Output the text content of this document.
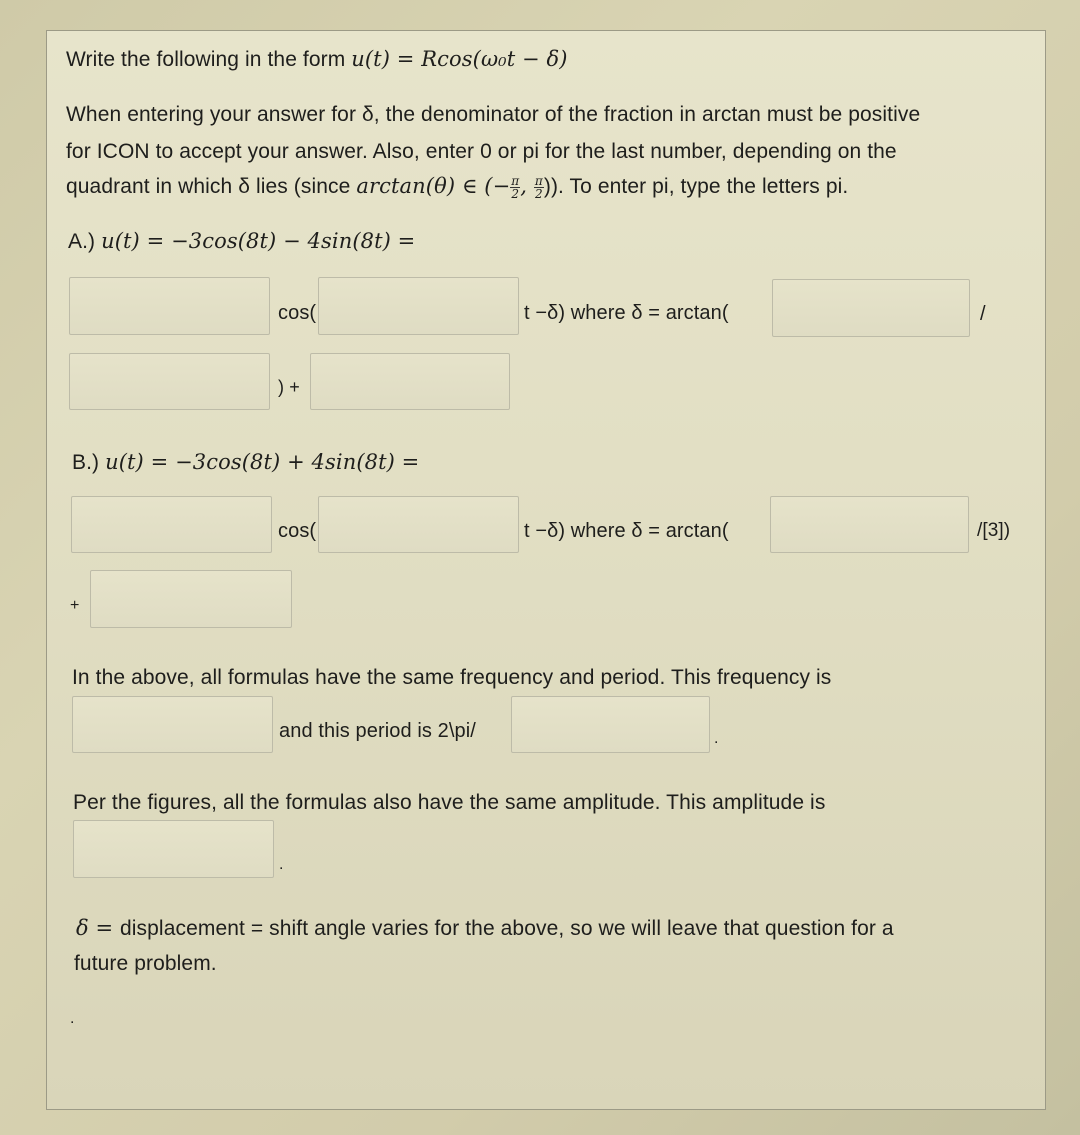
Write the following in the form u(t) = Rcos(ω₀t − δ)
When entering your answer for δ, the denominator of the fraction in arctan must be positive
for ICON to accept your answer. Also, enter 0 or pi for the last number, depending on the
quadrant in which δ lies (since arctan(θ) ∈ (− $\frac{\pi}{2}$ , $\frac{\pi}{2}$ )). To enter pi, type the letters pi.
A.) u(t) = −3cos(8t) − 4sin(8t) =
cos(	t −δ) where δ = arctan(	/
) +
B.) u(t) = −3cos(8t) + 4sin(8t) =
cos(	t −δ) where δ = arctan(	/[3])
+
In the above, all formulas have the same frequency and period. This frequency is
and this period is 2\pi/	.
Per the figures, all the formulas also have the same amplitude. This amplitude is
.
δ = displacement = shift angle varies for the above, so we will leave that question for a
future problem.
.
